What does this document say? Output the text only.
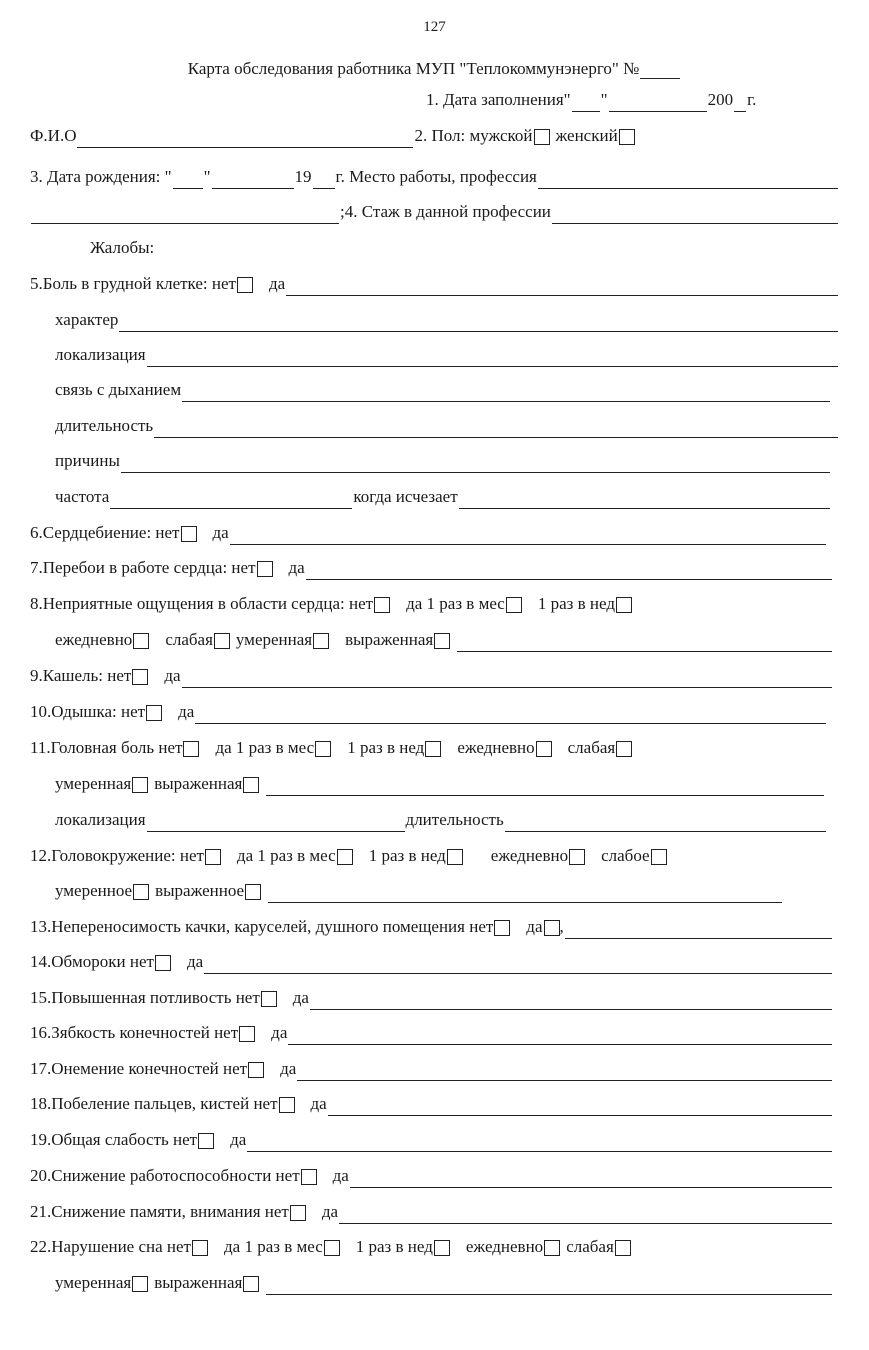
127
Карта обследования работника МУП "Теплокоммунэнерго" №
1. Дата заполнения" "	200 г.
Ф.И.О	2. Пол: мужской женский
3. Дата рождения: " "	19 г. Место работы, профессия
;4. Стаж в данной профессии
Жалобы:
5.Боль в грудной клетке: нет да
характер
локализация
связь с дыханием
длительность
причины
частота	когда исчезает
6.Сердцебиение: нет да
7.Перебои в работе сердца: нет да
8.Неприятные ощущения в области сердца: нет да 1 раз в мес 1 раз в нед
ежедневно слабая умеренная выраженная
9.Кашель: нет да
10.Одышка: нет да
11.Головная боль нет да 1 раз в мес 1 раз в нед ежедневно слабая
умеренная выраженная
локализация	длительность
12.Головокружение: нет да 1 раз в мес 1 раз в нед	ежедневно слабое
умеренное выраженное
13.Непереносимость качки, каруселей, душного помещения нет да ,
14.Обмороки нет да
15.Повышенная потливость нет да
16.Зябкость конечностей нет да
17.Онемение конечностей нет да
18.Побеление пальцев, кистей нет да
19.Общая слабость нет да
20.Снижение работоспособности нет да
21.Снижение памяти, внимания нет да
22.Нарушение сна нет да 1 раз в мес 1 раз в нед ежедневно слабая
умеренная выраженная
